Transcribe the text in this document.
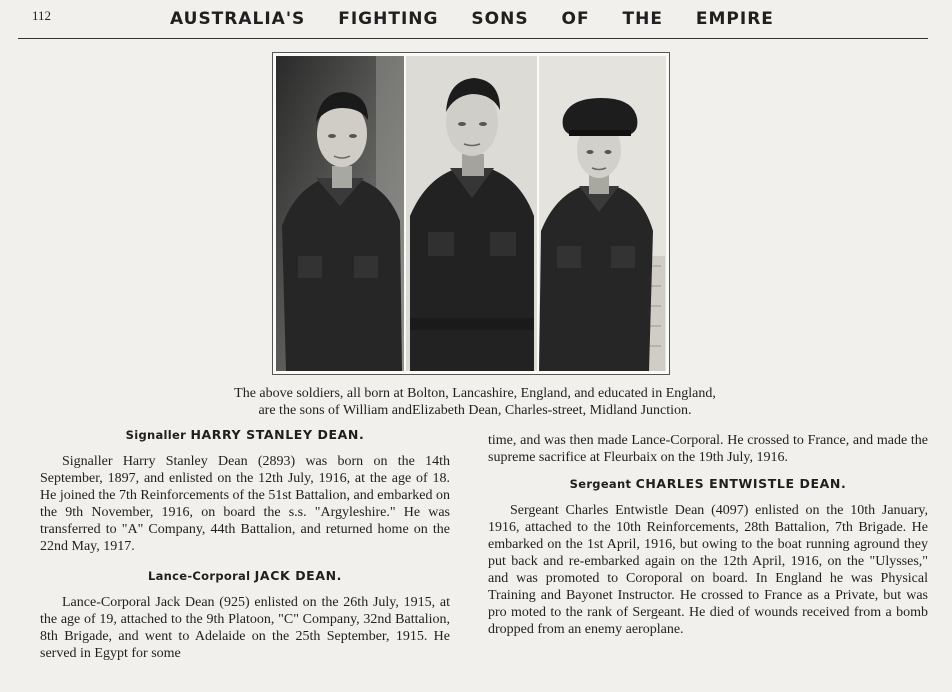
112	AUSTRALIA'S FIGHTING SONS OF THE EMPIRE
The above soldiers, all born at Bolton, Lancashire, England, and educated in England,
are the sons of William andElizabeth Dean, Charles-street, Midland Junction.
Signaller HARRY STANLEY DEAN.

Signaller Harry Stanley Dean (2893) was born on the 14th September, 1897, and enlisted on the 12th July, 1916, at the age of 18. He joined the 7th Reinforcements of the 51st Battalion, and embarked on the 9th November, 1916, on board the s.s. "Argyleshire." He was transferred to "A" Company, 44th Battalion, and returned home on the 22nd May, 1917.

Lance-Corporal JACK DEAN.

Lance-Corporal Jack Dean (925) enlisted on the 26th July, 1915, at the age of 19, attached to the 9th Platoon, "C" Company, 32nd Battalion, 8th Brigade, and went to Adelaide on the 25th September, 1915. He served in Egypt for some

time, and was then made Lance-Corporal. He crossed to France, and made the supreme sacrifice at Fleurbaix on the 19th July, 1916.

Sergeant CHARLES ENTWISTLE DEAN.

Sergeant Charles Entwistle Dean (4097) enlisted on the 10th January, 1916, attached to the 10th Reinforcements, 28th Battalion, 7th Brigade. He embarked on the 1st April, 1916, but owing to the boat running aground they put back and re-embarked again on the 12th April, 1916, on the "Ulysses," and was promoted to Coroporal on board. In England he was Physical Training and Bayonet Instructor. He crossed to France as a Private, but was pro moted to the rank of Sergeant. He died of wounds received from a bomb dropped from an enemy aeroplane.
